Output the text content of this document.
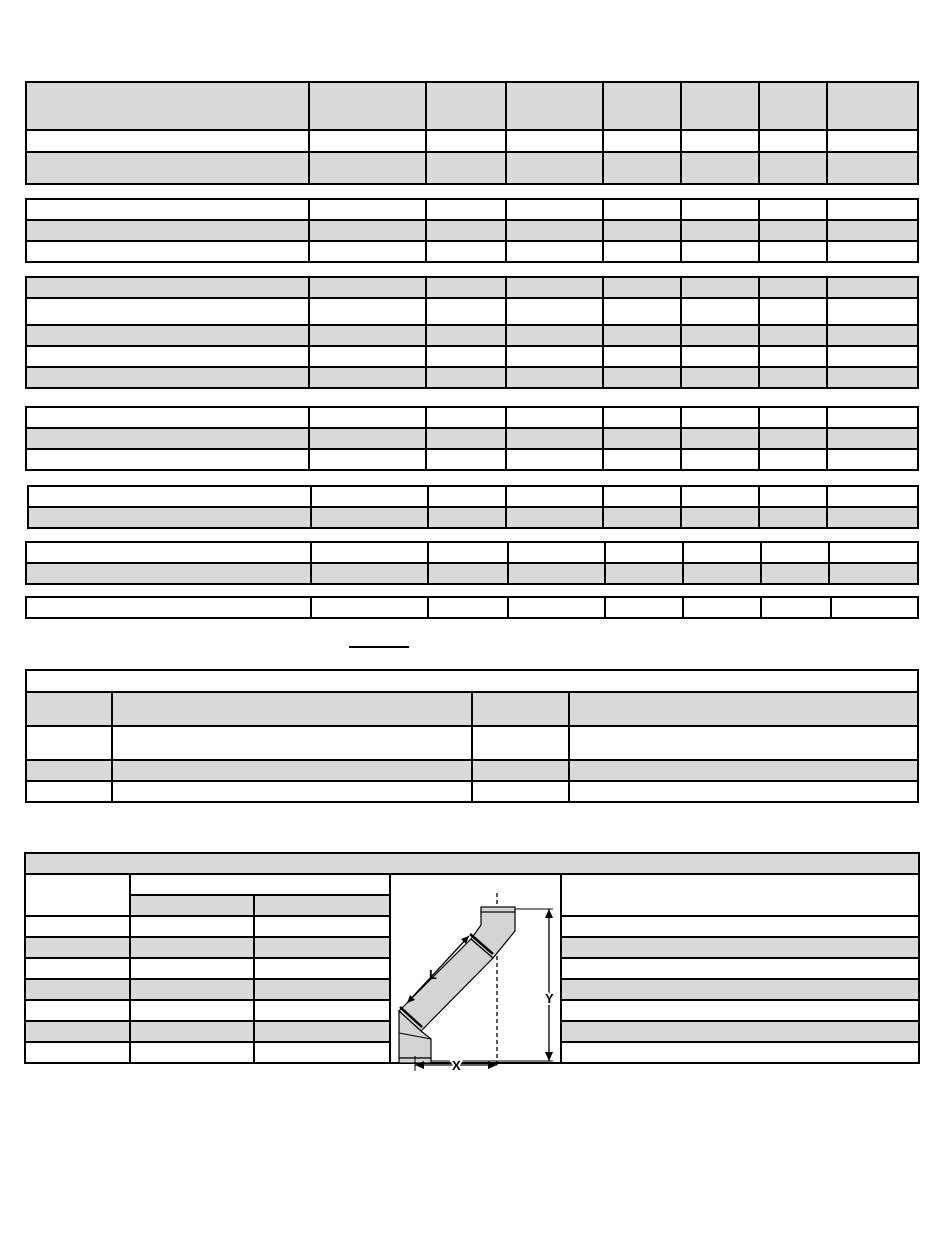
L
Y
X	
